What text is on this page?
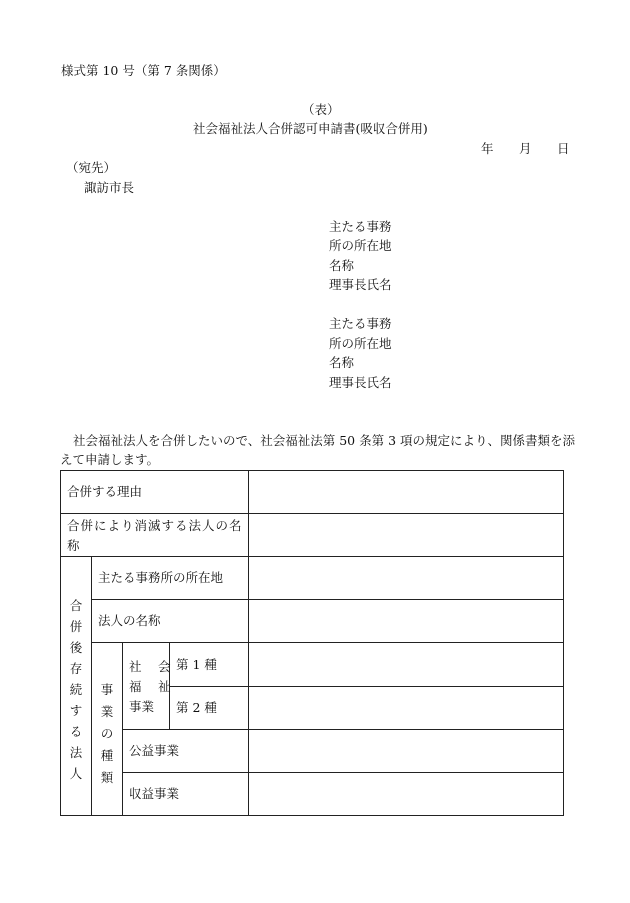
様式第 10 号（第 7 条関係）
（表）
社会福祉法人合併認可申請書(吸収合併用)
年 月 日
（宛先）
諏訪市長
主たる事務
所の所在地
名称
理事長氏名
主たる事務
所の所在地
名称
理事長氏名
社会福祉法人を合併したいので、社会福祉法第 50 条第 3 項の規定により、関係書類を添
えて申請します。
合併する理由
合併により消滅する法人の名
称
合
併
後
存
続
す
る
法
人
主たる事務所の所在地
法人の名称
事
業
の
種
類
社　会
福　祉
事業
第 1 種
第 2 種
公益事業
収益事業
